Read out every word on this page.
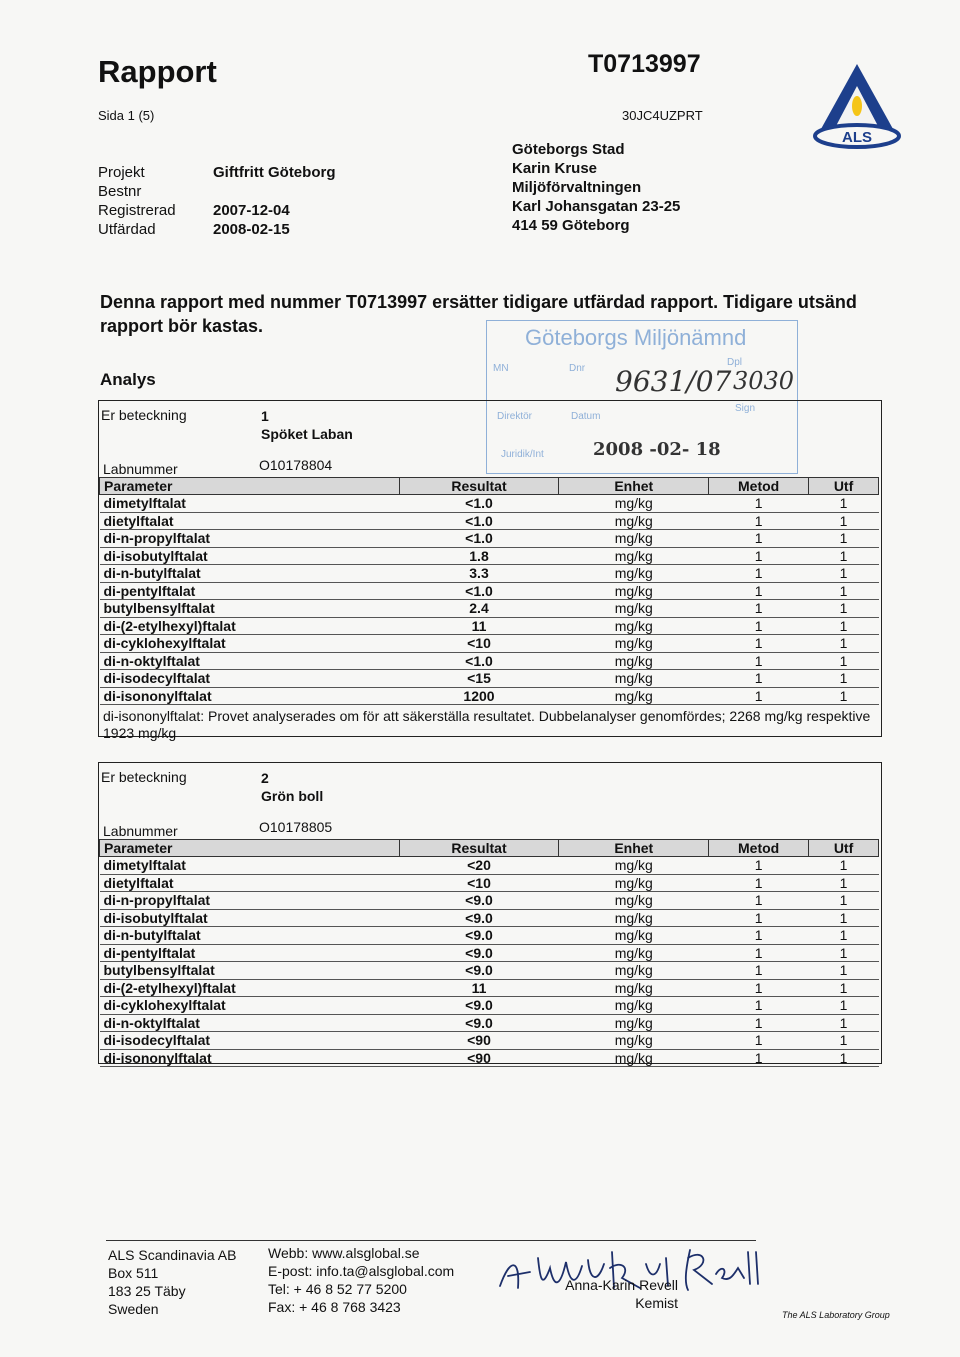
Rapport	T0713997
Sida 1 (5)	30JC4UZPRT
ALS
Projekt	Giftfritt Göteborg
Bestnr
Registrerad 2007-12-04
Utfärdad	2008-02-15
Göteborgs Stad
Karin Kruse
Miljöförvaltningen
Karl Johansgatan 23-25
414 59 Göteborg
Denna rapport med nummer T0713997 ersätter tidigare utfärdad rapport. Tidigare utsänd rapport bör kastas.	Göteborgs Miljönämnd
MN	Dnr 9631/07
Dpl
3030
Direktör	Datum
Sign
Juridik/Int	2008 -02- 18
Analys
Er beteckning	1
Spöket Laban
Labnummer	O10178804
Parameter	Resultat	Enhet	Metod	Utf
dimetylftalat	<1.0	mg/kg	1	1
dietylftalat	<1.0	mg/kg	1	1
di-n-propylftalat	<1.0	mg/kg	1	1
di-isobutylftalat	1.8	mg/kg	1	1
di-n-butylftalat	3.3	mg/kg	1	1
di-pentylftalat	<1.0	mg/kg	1	1
butylbensylftalat	2.4	mg/kg	1	1
di-(2-etylhexyl)ftalat	11	mg/kg	1	1
di-cyklohexylftalat	<10	mg/kg	1	1
di-n-oktylftalat	<1.0	mg/kg	1	1
di-isodecylftalat	<15	mg/kg	1	1
di-isononylftalat	1200	mg/kg	1	1
di-isononylftalat: Provet analyserades om för att säkerställa resultatet. Dubbelanalyser genomfördes; 2268 mg/kg respektive 1923 mg/kg
Er beteckning	2
Grön boll
Labnummer	O10178805
Parameter	Resultat	Enhet	Metod	Utf
dimetylftalat	<20	mg/kg	1	1
dietylftalat	<10	mg/kg	1	1
di-n-propylftalat	<9.0	mg/kg	1	1
di-isobutylftalat	<9.0	mg/kg	1	1
di-n-butylftalat	<9.0	mg/kg	1	1
di-pentylftalat	<9.0	mg/kg	1	1
butylbensylftalat	<9.0	mg/kg	1	1
di-(2-etylhexyl)ftalat	11	mg/kg	1	1
di-cyklohexylftalat	<9.0	mg/kg	1	1
di-n-oktylftalat	<9.0	mg/kg	1	1
di-isodecylftalat	<90	mg/kg	1	1
di-isononylftalat	<90	mg/kg	1	1
ALS Scandinavia AB
Box 511
183 25 Täby
Sweden
Webb: www.alsglobal.se
E-post: info.ta@alsglobal.com
Tel: + 46 8 52 77 5200
Fax: + 46 8 768 3423
Anna-Karin Revell
Kemist
The ALS Laboratory Group
